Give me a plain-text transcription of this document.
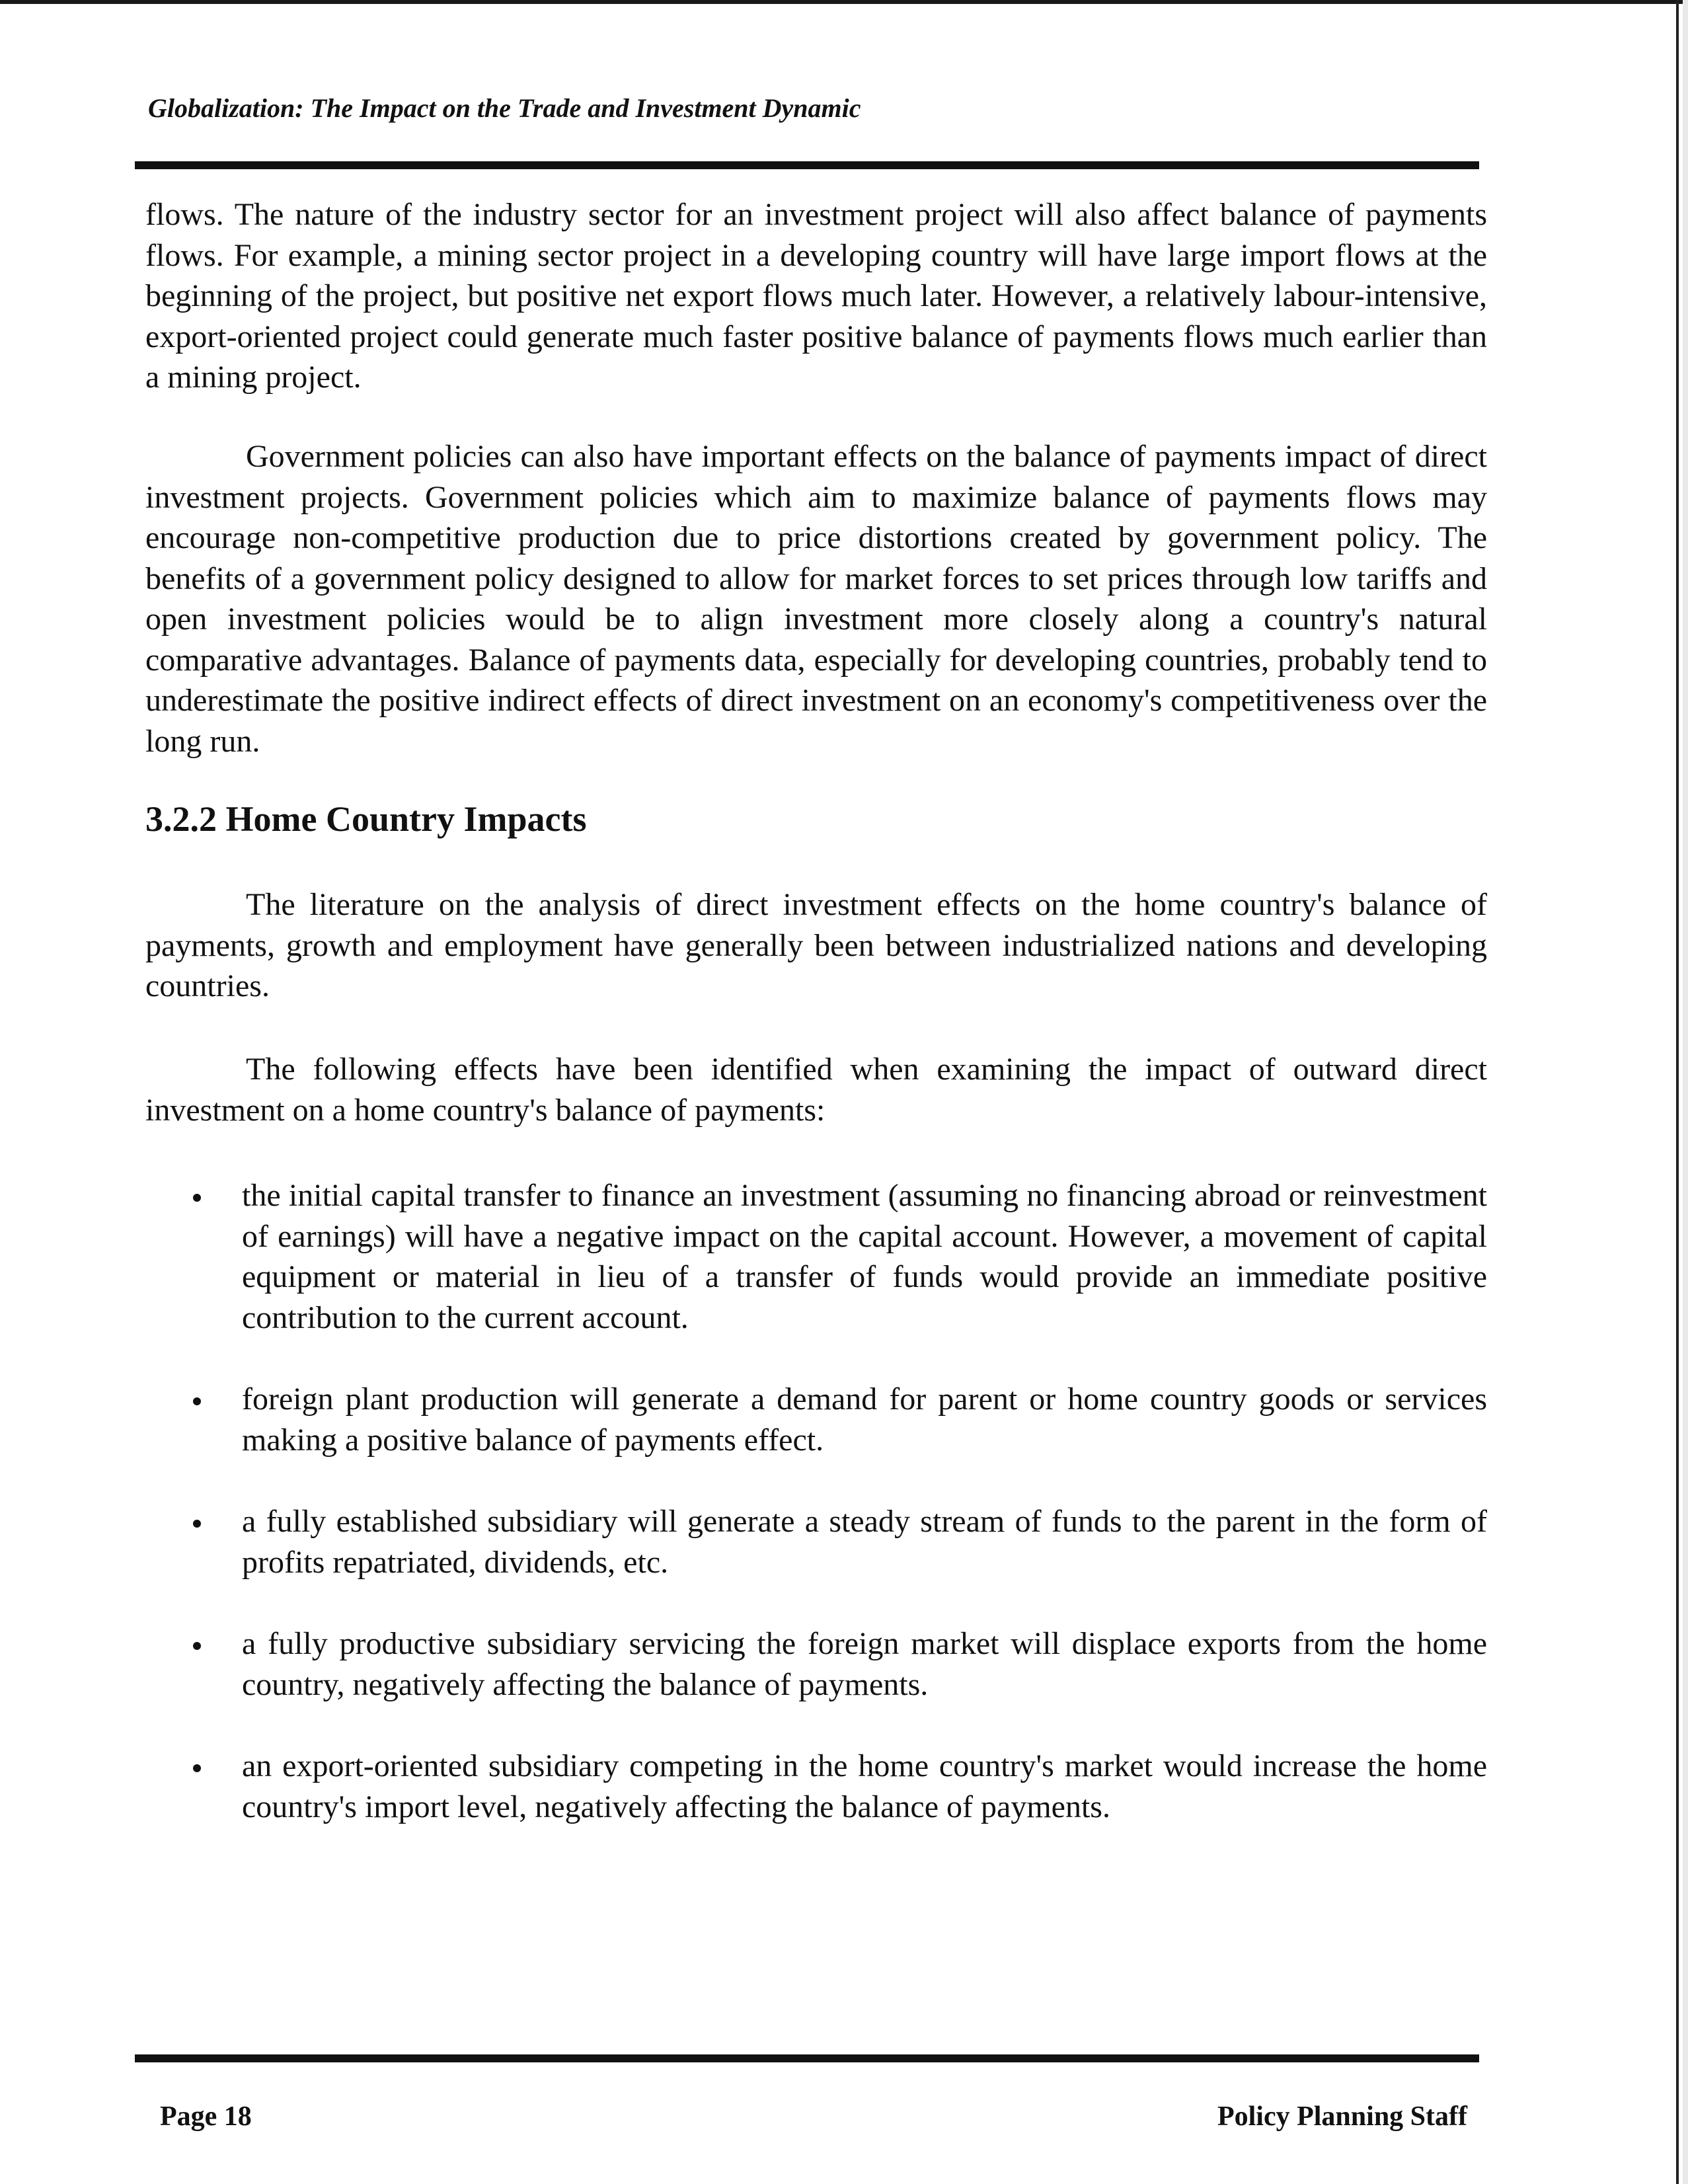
Globalization: The Impact on the Trade and Investment Dynamic
flows. The nature of the industry sector for an investment project will also affect balance of payments flows. For example, a mining sector project in a developing country will have large import flows at the beginning of the project, but positive net export flows much later. However, a relatively labour-intensive, export-oriented project could generate much faster positive balance of payments flows much earlier than a mining project.
Government policies can also have important effects on the balance of payments impact of direct investment projects. Government policies which aim to maximize balance of payments flows may encourage non-competitive production due to price distortions created by government policy. The benefits of a government policy designed to allow for market forces to set prices through low tariffs and open investment policies would be to align investment more closely along a country's natural comparative advantages. Balance of payments data, especially for developing countries, probably tend to underestimate the positive indirect effects of direct investment on an economy's competitiveness over the long run.
3.2.2 Home Country Impacts
The literature on the analysis of direct investment effects on the home country's balance of payments, growth and employment have generally been between industrialized nations and developing countries.
The following effects have been identified when examining the impact of outward direct investment on a home country's balance of payments:
the initial capital transfer to finance an investment (assuming no financing abroad or reinvestment of earnings) will have a negative impact on the capital account. However, a movement of capital equipment or material in lieu of a transfer of funds would provide an immediate positive contribution to the current account.
foreign plant production will generate a demand for parent or home country goods or services making a positive balance of payments effect.
a fully established subsidiary will generate a steady stream of funds to the parent in the form of profits repatriated, dividends, etc.
a fully productive subsidiary servicing the foreign market will displace exports from the home country, negatively affecting the balance of payments.
an export-oriented subsidiary competing in the home country's market would increase the home country's import level, negatively affecting the balance of payments.
Page 18	Policy Planning Staff
